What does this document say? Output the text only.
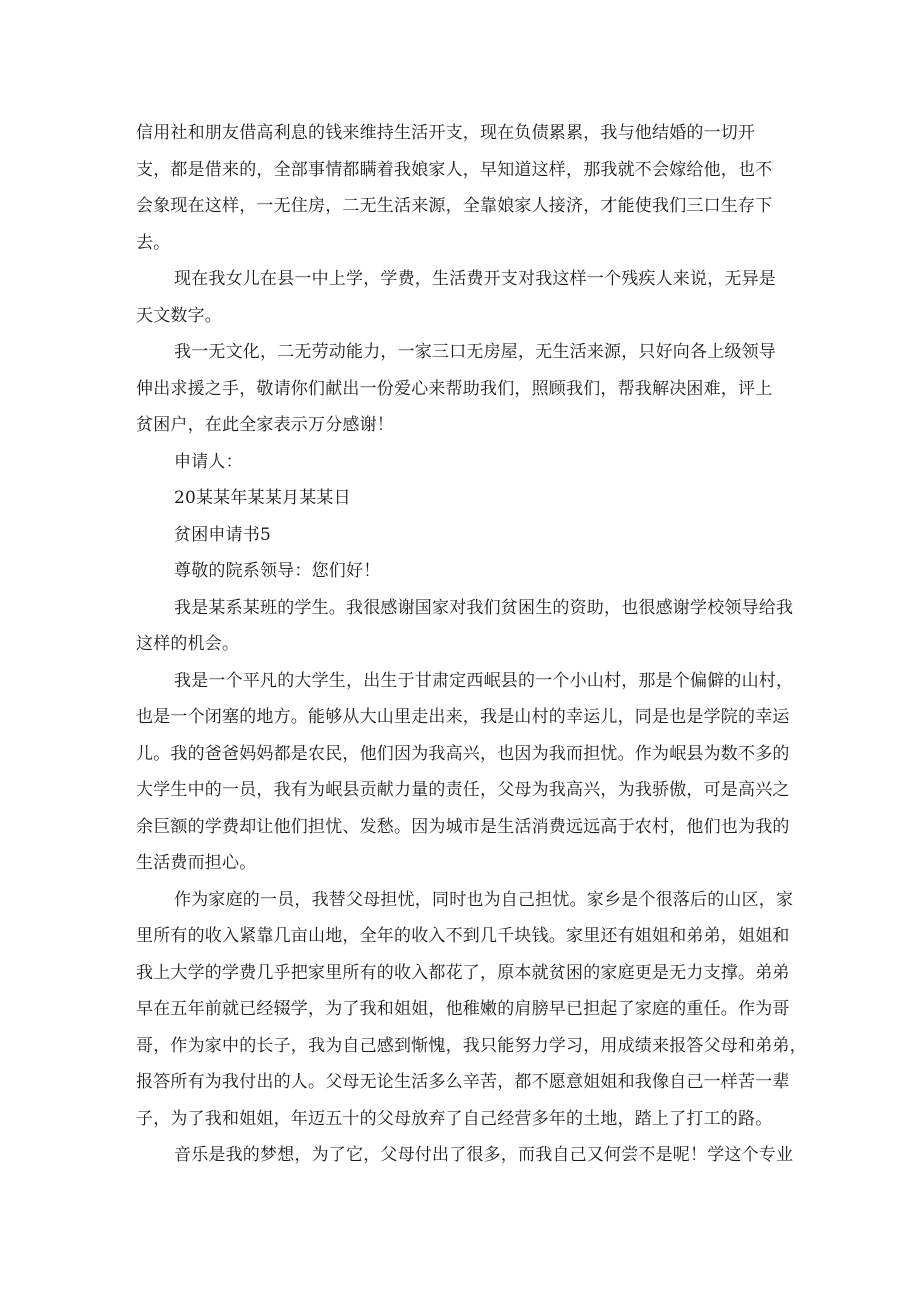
信用社和朋友借高利息的钱来维持生活开支，现在负债累累，我与他结婚的一切开
支，都是借来的，全部事情都瞒着我娘家人，早知道这样，那我就不会嫁给他，也不
会象现在这样，一无住房，二无生活来源，全靠娘家人接济，才能使我们三口生存下
去。
现在我女儿在县一中上学，学费，生活费开支对我这样一个残疾人来说，无异是
天文数字。
我一无文化，二无劳动能力，一家三口无房屋，无生活来源，只好向各上级领导
伸出求援之手，敬请你们献出一份爱心来帮助我们，照顾我们，帮我解决困难，评上
贫困户，在此全家表示万分感谢！
申请人：
20某某年某某月某某日
贫困申请书5
尊敬的院系领导：您们好！
我是某系某班的学生。我很感谢国家对我们贫困生的资助，也很感谢学校领导给我
这样的机会。
我是一个平凡的大学生，出生于甘肃定西岷县的一个小山村，那是个偏僻的山村，
也是一个闭塞的地方。能够从大山里走出来，我是山村的幸运儿，同是也是学院的幸运
儿。我的爸爸妈妈都是农民，他们因为我高兴，也因为我而担忧。作为岷县为数不多的
大学生中的一员，我有为岷县贡献力量的责任，父母为我高兴，为我骄傲，可是高兴之
余巨额的学费却让他们担忧、发愁。因为城市是生活消费远远高于农村，他们也为我的
生活费而担心。
作为家庭的一员，我替父母担忧，同时也为自己担忧。家乡是个很落后的山区，家
里所有的收入紧靠几亩山地，全年的收入不到几千块钱。家里还有姐姐和弟弟，姐姐和
我上大学的学费几乎把家里所有的收入都花了，原本就贫困的家庭更是无力支撑。弟弟
早在五年前就已经辍学，为了我和姐姐，他稚嫩的肩膀早已担起了家庭的重任。作为哥
哥，作为家中的长子，我为自己感到惭愧，我只能努力学习，用成绩来报答父母和弟弟，
报答所有为我付出的人。父母无论生活多么辛苦，都不愿意姐姐和我像自己一样苦一辈
子，为了我和姐姐，年迈五十的父母放弃了自己经营多年的土地，踏上了打工的路。
音乐是我的梦想，为了它，父母付出了很多，而我自己又何尝不是呢！学这个专业
